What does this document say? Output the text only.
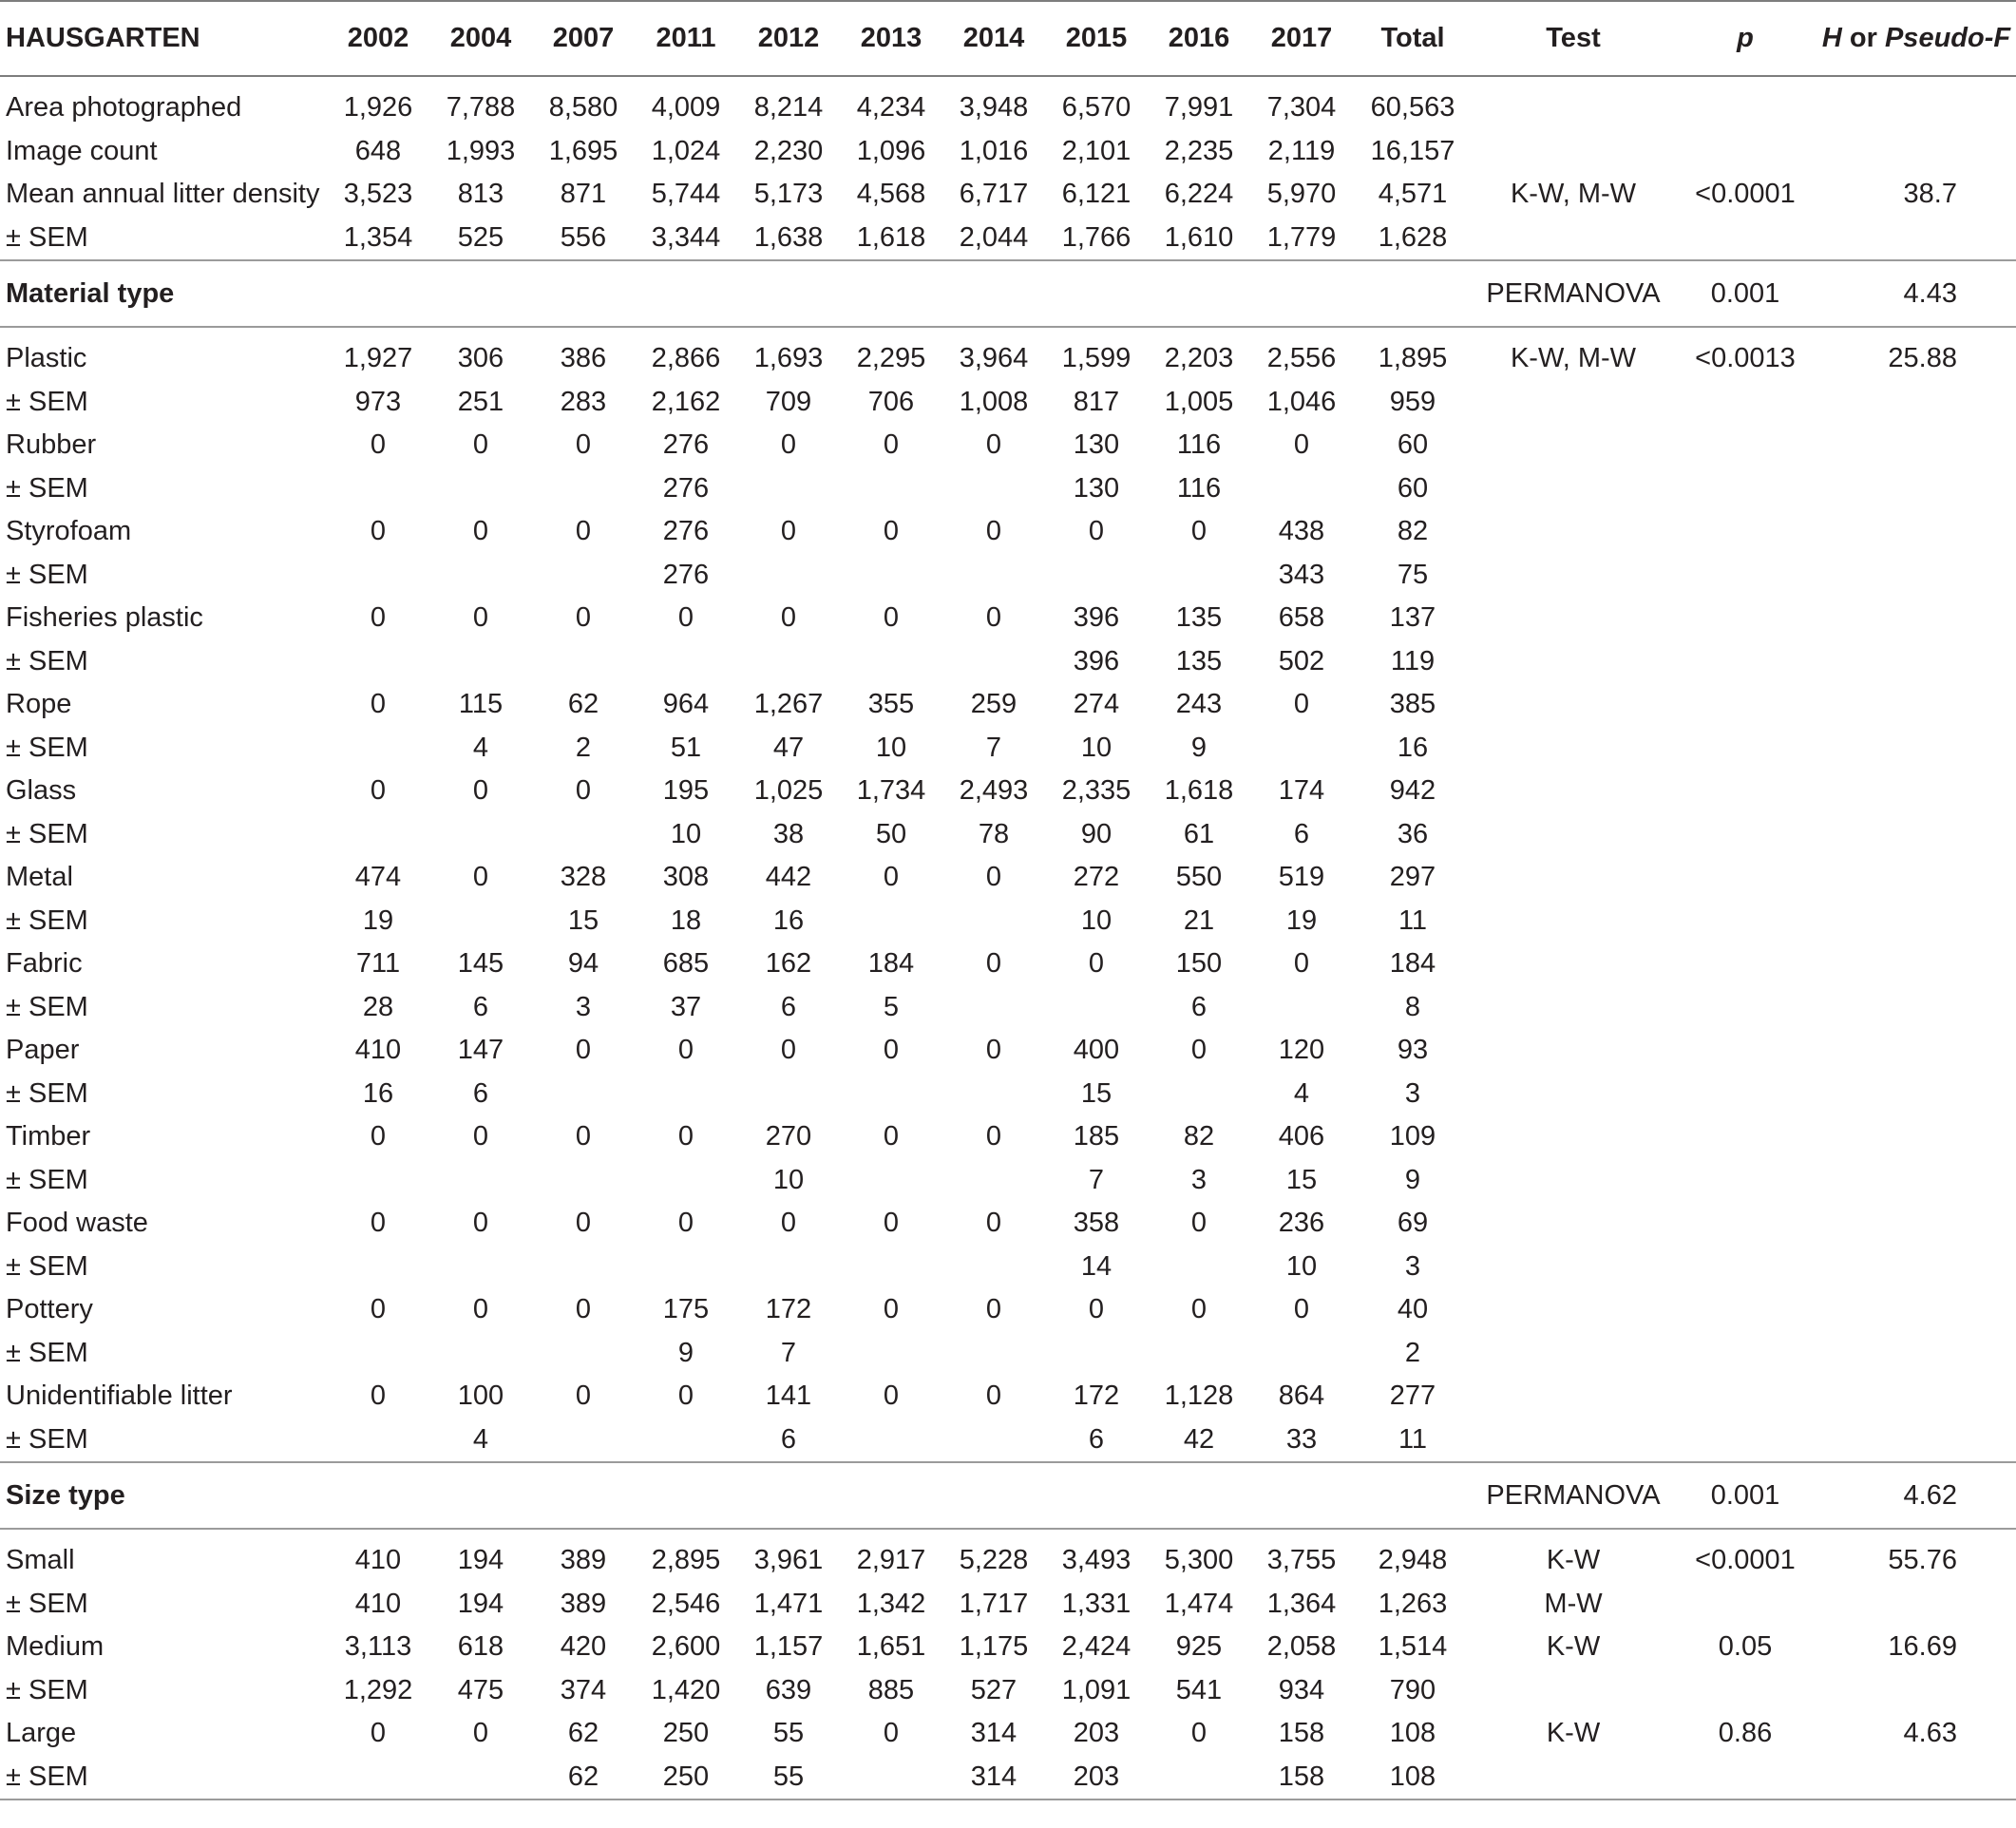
HAUSGARTEN	2002	2004	2007	2011	2012	2013	2014	2015	2016	2017	Total	Test	p	H or Pseudo-F
Area photographed	1,926	7,788	8,580	4,009	8,214	4,234	3,948	6,570	7,991	7,304	60,563			
Image count	648	1,993	1,695	1,024	2,230	1,096	1,016	2,101	2,235	2,119	16,157			
Mean annual litter density	3,523	813	871	5,744	5,173	4,568	6,717	6,121	6,224	5,970	4,571	K-W, M-W	<0.0001	38.7
± SEM	1,354	525	556	3,344	1,638	1,618	2,044	1,766	1,610	1,779	1,628			
Material type												PERMANOVA	0.001	4.43
Plastic	1,927	306	386	2,866	1,693	2,295	3,964	1,599	2,203	2,556	1,895	K-W, M-W	<0.0013	25.88
± SEM	973	251	283	2,162	709	706	1,008	817	1,005	1,046	959			
Rubber	0	0	0	276	0	0	0	130	116	0	60			
± SEM				276				130	116		60			
Styrofoam	0	0	0	276	0	0	0	0	0	438	82			
± SEM				276						343	75			
Fisheries plastic	0	0	0	0	0	0	0	396	135	658	137			
± SEM								396	135	502	119			
Rope	0	115	62	964	1,267	355	259	274	243	0	385			
± SEM		4	2	51	47	10	7	10	9		16			
Glass	0	0	0	195	1,025	1,734	2,493	2,335	1,618	174	942			
± SEM				10	38	50	78	90	61	6	36			
Metal	474	0	328	308	442	0	0	272	550	519	297			
± SEM	19		15	18	16			10	21	19	11			
Fabric	711	145	94	685	162	184	0	0	150	0	184			
± SEM	28	6	3	37	6	5			6		8			
Paper	410	147	0	0	0	0	0	400	0	120	93			
± SEM	16	6						15		4	3			
Timber	0	0	0	0	270	0	0	185	82	406	109			
± SEM					10			7	3	15	9			
Food waste	0	0	0	0	0	0	0	358	0	236	69			
± SEM								14		10	3			
Pottery	0	0	0	175	172	0	0	0	0	0	40			
± SEM				9	7						2			
Unidentifiable litter	0	100	0	0	141	0	0	172	1,128	864	277			
± SEM		4			6			6	42	33	11			
Size type												PERMANOVA	0.001	4.62
Small	410	194	389	2,895	3,961	2,917	5,228	3,493	5,300	3,755	2,948	K-W	<0.0001	55.76
± SEM	410	194	389	2,546	1,471	1,342	1,717	1,331	1,474	1,364	1,263	M-W		
Medium	3,113	618	420	2,600	1,157	1,651	1,175	2,424	925	2,058	1,514	K-W	0.05	16.69
± SEM	1,292	475	374	1,420	639	885	527	1,091	541	934	790			
Large	0	0	62	250	55	0	314	203	0	158	108	K-W	0.86	4.63
± SEM			62	250	55		314	203		158	108			
